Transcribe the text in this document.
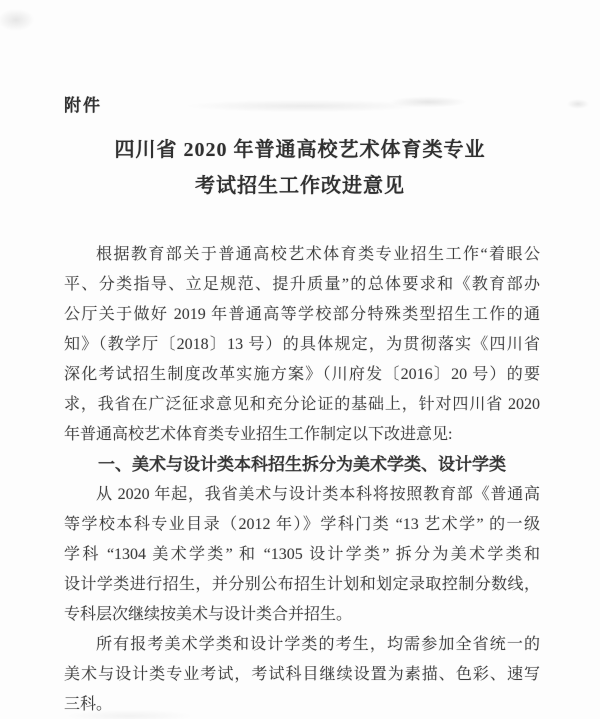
附件
四川省 2020 年普通高校艺术体育类专业
考试招生工作改进意见
根据教育部关于普通高校艺术体育类专业招生工作“着眼公
平、分类指导、立足规范、提升质量”的总体要求和《教育部办
公厅关于做好 2019 年普通高等学校部分特殊类型招生工作的通
知》（教学厅〔2018〕13 号）的具体规定，为贯彻落实《四川省
深化考试招生制度改革实施方案》（川府发〔2016〕20 号）的要
求，我省在广泛征求意见和充分论证的基础上，针对四川省 2020
年普通高校艺术体育类专业招生工作制定以下改进意见:
一、美术与设计类本科招生拆分为美术学类、设计学类
从 2020 年起，我省美术与设计类本科将按照教育部《普通高
等学校本科专业目录（2012 年）》学科门类 “13 艺术学” 的一级
学科 “1304 美术学类” 和 “1305 设计学类” 拆分为美术学类和
设计学类进行招生，并分别公布招生计划和划定录取控制分数线，
专科层次继续按美术与设计类合并招生。
所有报考美术学类和设计学类的考生，均需参加全省统一的
美术与设计类专业考试，考试科目继续设置为素描、色彩、速写
三科。
